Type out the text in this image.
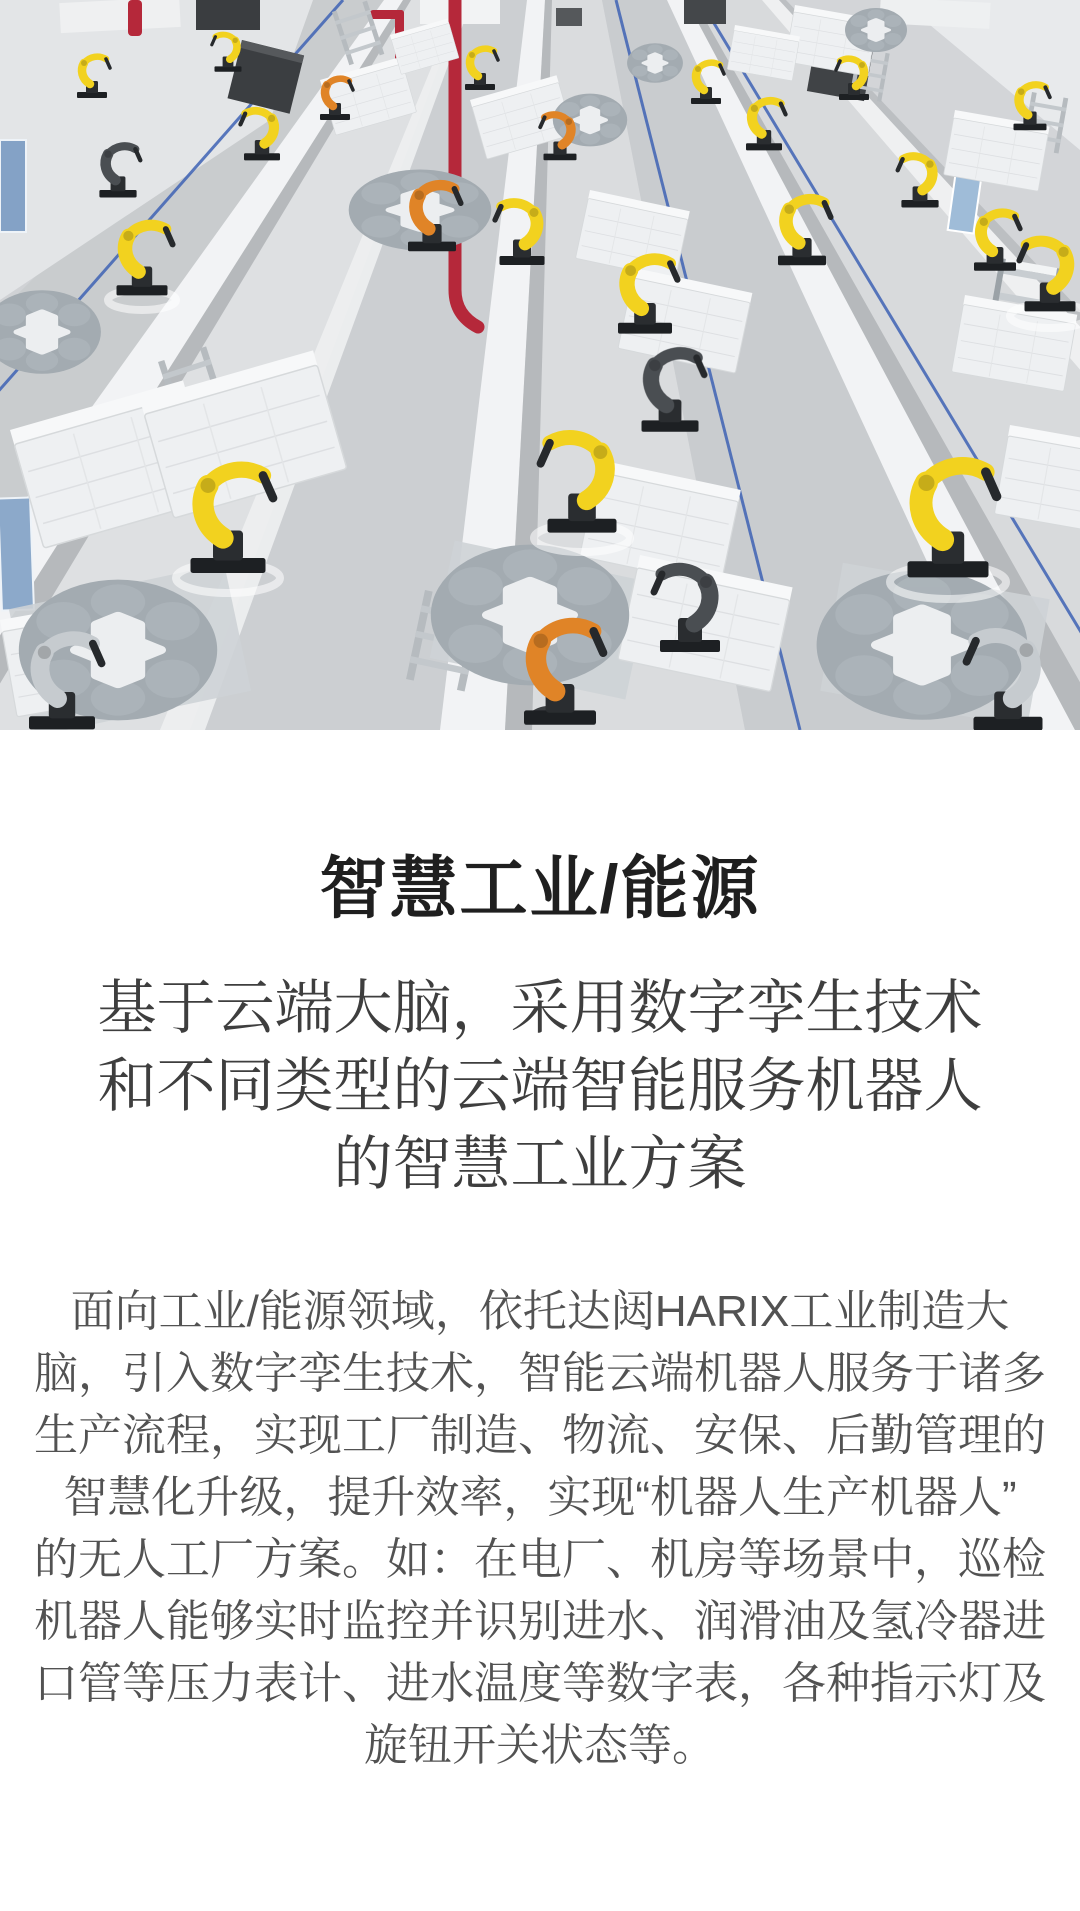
智慧工业/能源
基于云端大脑，采用数字孪生技术
和不同类型的云端智能服务机器人
的智慧工业方案
面向工业/能源领域，依托达闼HARIX工业制造大
脑，引入数字孪生技术，智能云端机器人服务于诸多
生产流程，实现工厂制造、物流、安保、后勤管理的
智慧化升级，提升效率，实现“机器人生产机器人”
的无人工厂方案。如：在电厂、机房等场景中，巡检
机器人能够实时监控并识别进水、润滑油及氢冷器进
口管等压力表计、进水温度等数字表，各种指示灯及
旋钮开关状态等。
